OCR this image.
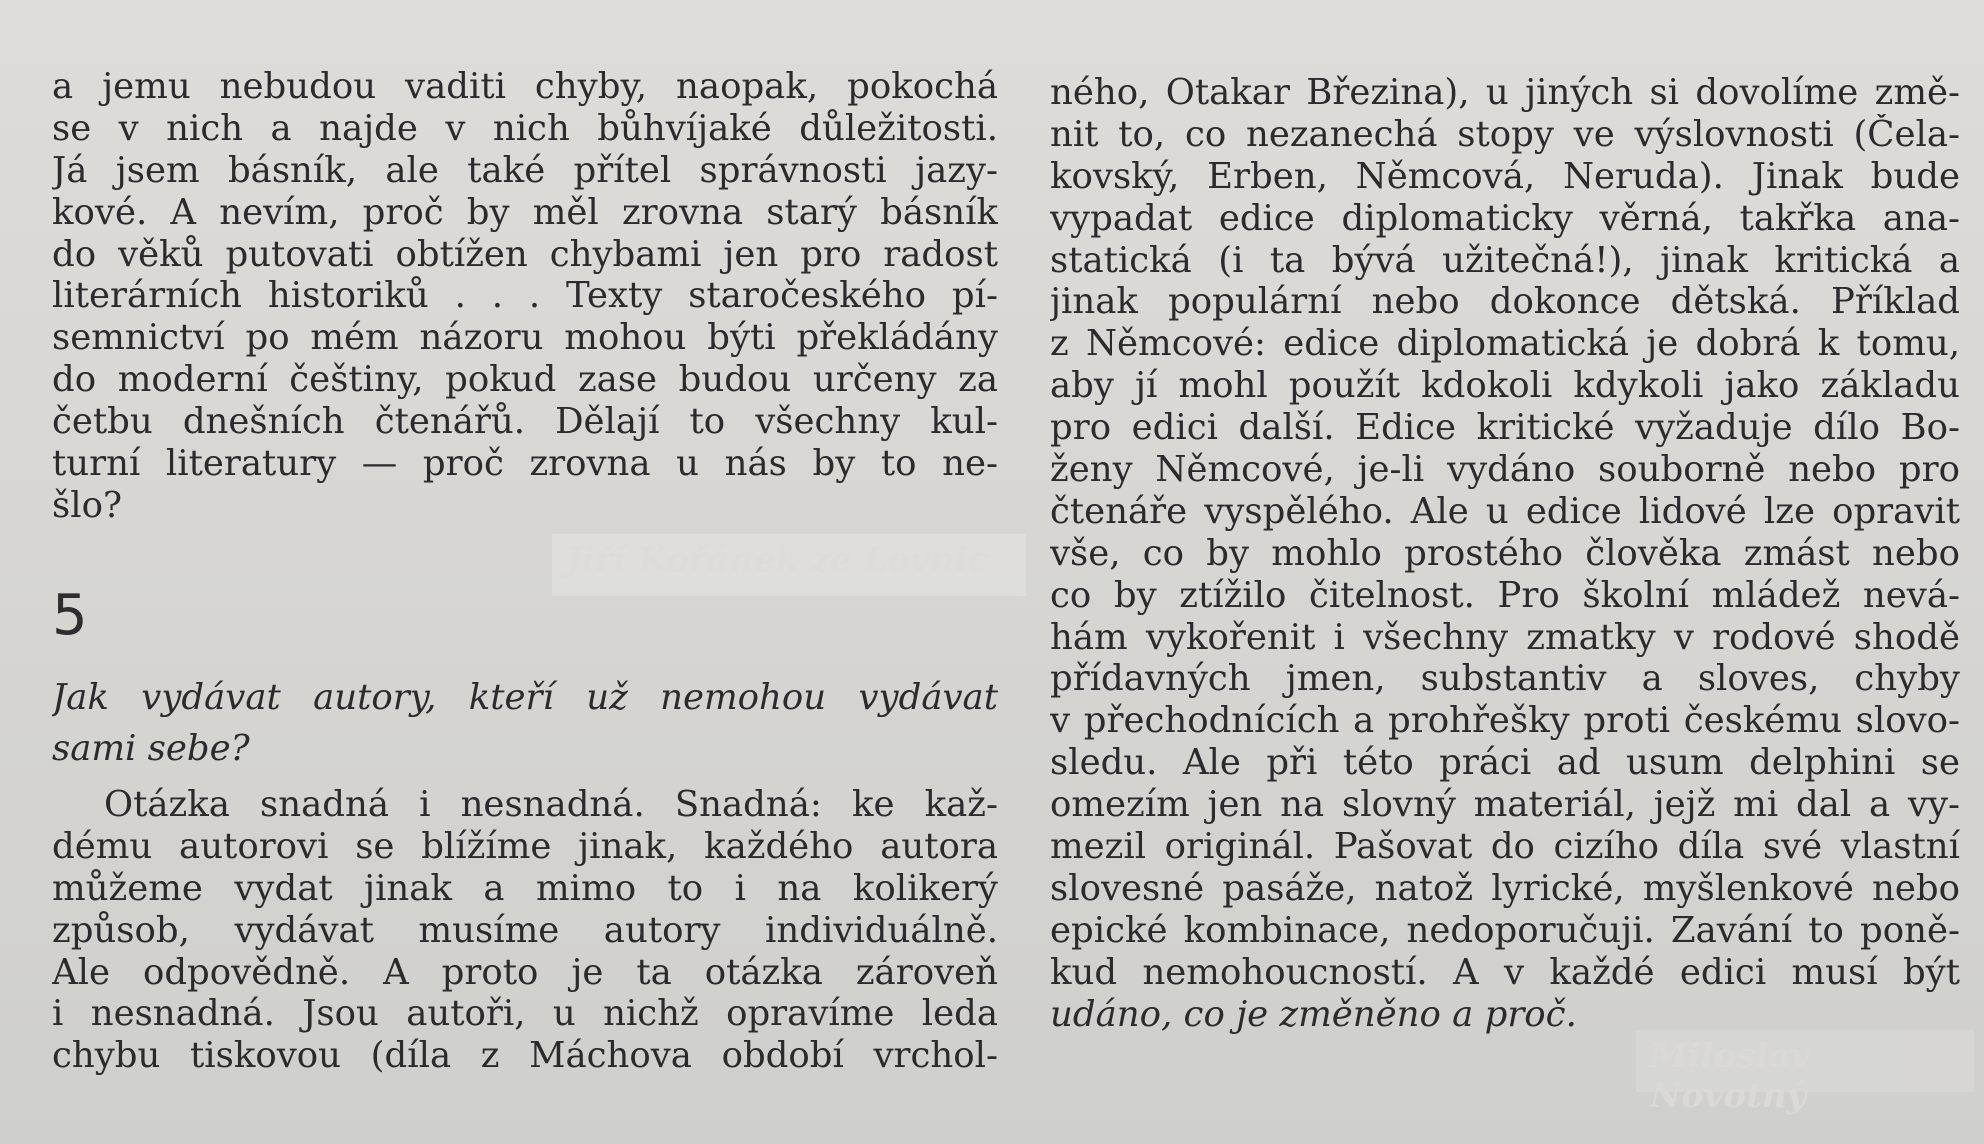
a jemu nebudou vaditi chyby, naopak, pokochá
se v nich a najde v nich bůhvíjaké důležitosti.
Já jsem básník, ale také přítel správnosti jazy-
kové. A nevím, proč by měl zrovna starý básník
do věků putovati obtížen chybami jen pro radost
literárních historiků . . . Texty staročeského pí-
semnictví po mém názoru mohou býti překládány
do moderní češtiny, pokud zase budou určeny za
četbu dnešních čtenářů. Dělají to všechny kul-
turní literatury — proč zrovna u nás by to ne-
šlo?
Jiří Kořánek ze Lovnic
5
Jak vydávat autory, kteří už nemohou vydávat
sami sebe?
Otázka snadná i nesnadná. Snadná: ke kaž-
dému autorovi se blížíme jinak, každého autora
můžeme vydat jinak a mimo to i na kolikerý
způsob, vydávat musíme autory individuálně.
Ale odpovědně. A proto je ta otázka zároveň
i nesnadná. Jsou autoři, u nichž opravíme leda
chybu tiskovou (díla z Máchova období vrchol-
ného, Otakar Březina), u jiných si dovolíme změ-
nit to, co nezanechá stopy ve výslovnosti (Čela-
kovský, Erben, Němcová, Neruda). Jinak bude
vypadat edice diplomaticky věrná, takřka ana-
statická (i ta bývá užitečná!), jinak kritická a
jinak populární nebo dokonce dětská. Příklad
z Němcové: edice diplomatická je dobrá k tomu,
aby jí mohl použít kdokoli kdykoli jako základu
pro edici další. Edice kritické vyžaduje dílo Bo-
ženy Němcové, je-li vydáno souborně nebo pro
čtenáře vyspělého. Ale u edice lidové lze opravit
vše, co by mohlo prostého člověka zmást nebo
co by ztížilo čitelnost. Pro školní mládež nevá-
hám vykořenit i všechny zmatky v rodové shodě
přídavných jmen, substantiv a sloves, chyby
v přechodnících a prohřešky proti českému slovo-
sledu. Ale při této práci ad usum delphini se
omezím jen na slovný materiál, jejž mi dal a vy-
mezil originál. Pašovat do cizího díla své vlastní
slovesné pasáže, natož lyrické, myšlenkové nebo
epické kombinace, nedoporučuji. Zavání to poně-
kud nemohoucností. A v každé edici musí být
udáno, co je změněno a proč.
Miloslav Novotný
